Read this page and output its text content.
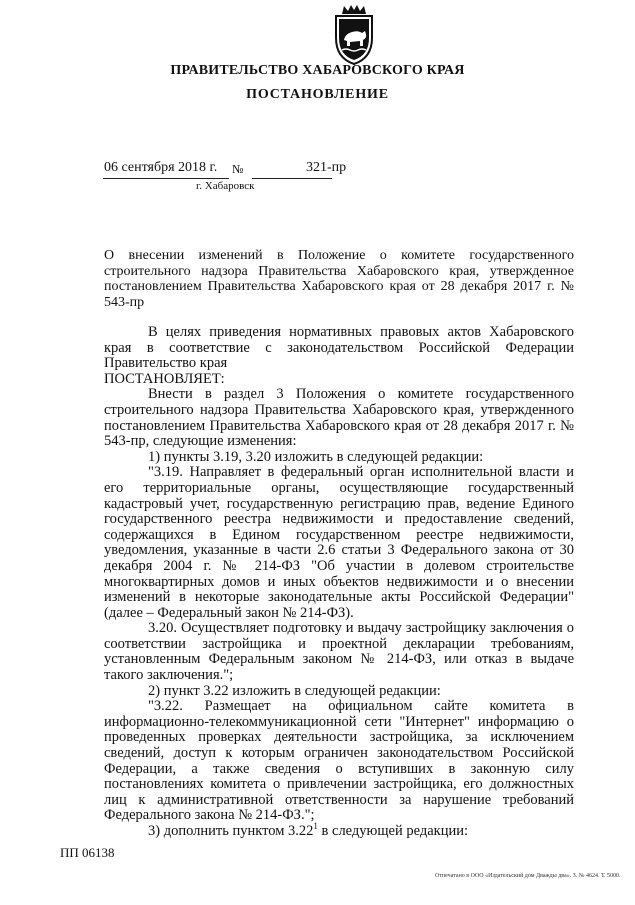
ПРАВИТЕЛЬСТВО ХАБАРОВСКОГО КРАЯ
ПОСТАНОВЛЕНИЕ
06 сентября 2018 г. №	321-пр
г. Хабаровск
О внесении изменений в Положение о комитете государственного строительного надзора Правительства Хабаровского края, утвержденное постановлением Правительства Хабаровского края от 28 декабря 2017 г. № 543-пр

В целях приведения нормативных правовых актов Хабаровского края в соответствие с законодательством Российской Федерации Правительство края
ПОСТАНОВЛЯЕТ:

Внести в раздел 3 Положения о комитете государственного строительного надзора Правительства Хабаровского края, утвержденного постановлением Правительства Хабаровского края от 28 декабря 2017 г. № 543-пр, следующие изменения:

1) пункты 3.19, 3.20 изложить в следующей редакции:

"3.19. Направляет в федеральный орган исполнительной власти и его территориальные органы, осуществляющие государственный кадастровый учет, государственную регистрацию прав, ведение Единого государственного реестра недвижимости и предоставление сведений, содержащихся в Едином государственном реестре недвижимости, уведомления, указанные в части 2.6 статьи 3 Федерального закона от 30 декабря 2004 г. № 214-ФЗ "Об участии в долевом строительстве многоквартирных домов и иных объектов недвижимости и о внесении изменений в некоторые законодательные акты Российской Федерации" (далее – Федеральный закон № 214-ФЗ).

3.20. Осуществляет подготовку и выдачу застройщику заключения о соответствии застройщика и проектной декларации требованиям, установленным Федеральным законом № 214-ФЗ, или отказ в выдаче такого заключения.";

2) пункт 3.22 изложить в следующей редакции:

"3.22. Размещает на официальном сайте комитета в информационно-телекоммуникационной сети "Интернет" информацию о проведенных проверках деятельности застройщика, за исключением сведений, доступ к которым ограничен законодательством Российской Федерации, а также сведения о вступивших в законную силу постановлениях комитета о привлечении застройщика, его должностных лиц к административной ответственности за нарушение требований Федерального закона № 214-ФЗ.";

3) дополнить пунктом 3.22$^1$ в следующей редакции:

ПП 06138
Отпечатано в ООО «Издательский дом Дважды два». З. № 4624. Т. 5000.
